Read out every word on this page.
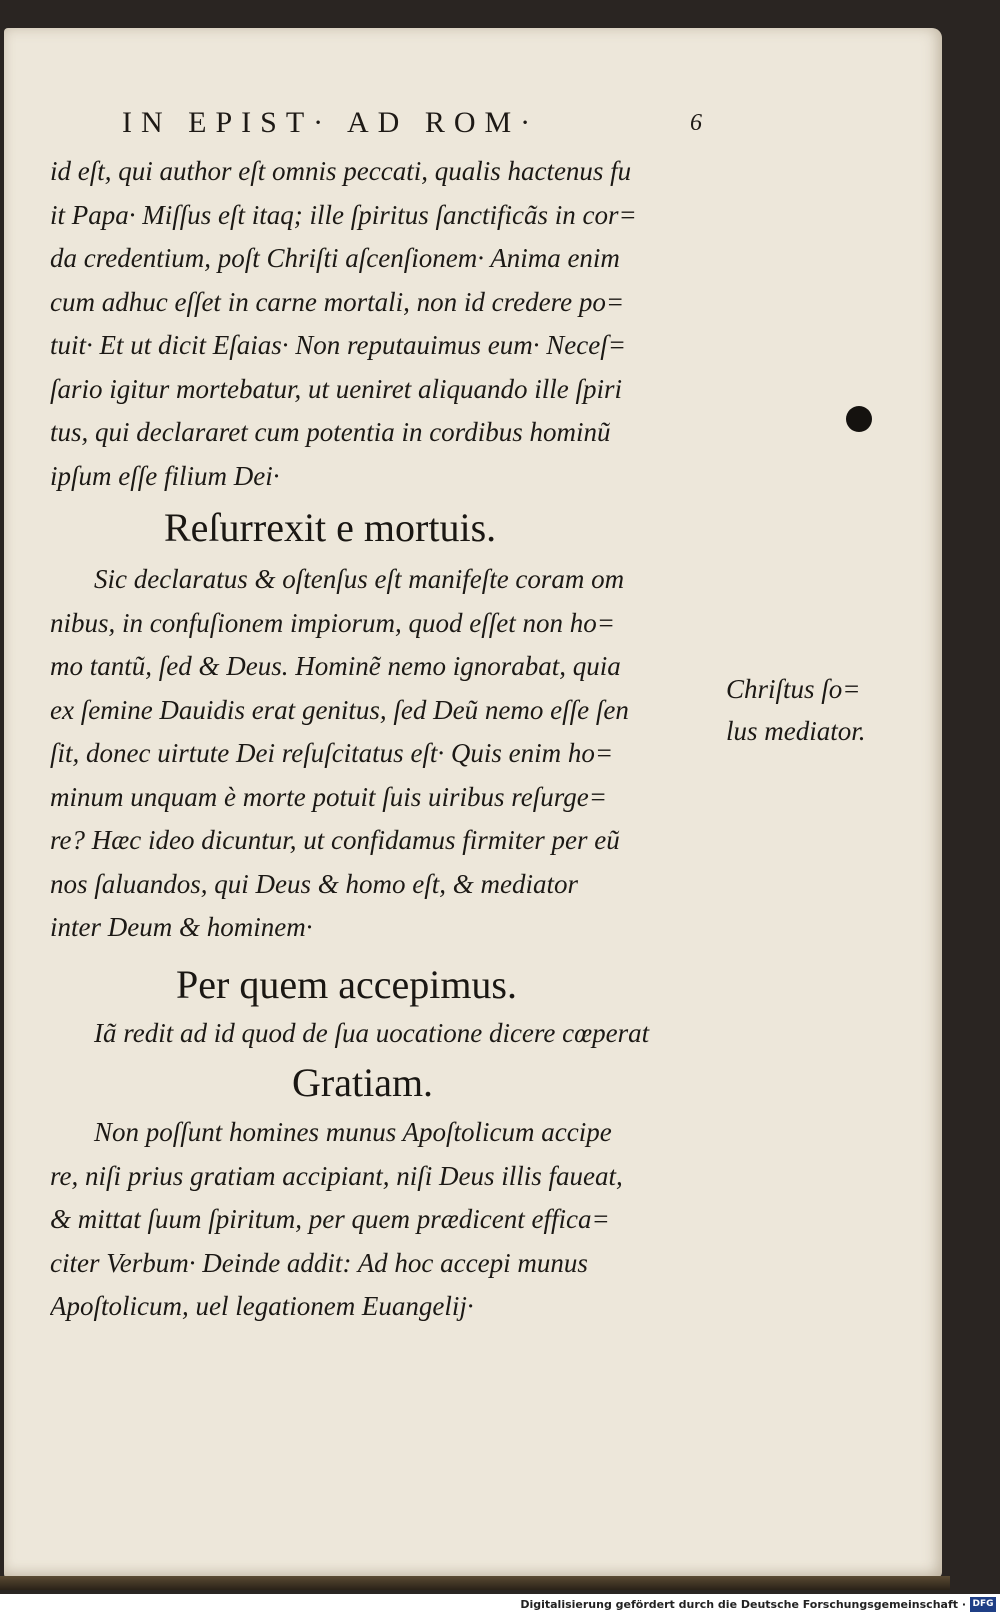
IN EPIST· AD ROM·	6
id eſt, qui author eſt omnis peccati, qualis hactenus fu
it Papa· Miſſus eſt itaq; ille ſpiritus ſanctificãs in cor=
da credentium, poſt Chriſti aſcenſionem· Anima enim
cum adhuc eſſet in carne mortali, non id credere po=
tuit· Et ut dicit Eſaias· Non reputauimus eum· Neceſ=
ſario igitur mortebatur, ut ueniret aliquando ille ſpiri
tus, qui declararet cum potentia in cordibus hominũ
ipſum eſſe filium Dei·
Reſurrexit e mortuis.
Sic declaratus & oſtenſus eſt manifeſte coram om
nibus, in confuſionem impiorum, quod eſſet non ho=
mo tantũ, ſed & Deus. Hominẽ nemo ignorabat, quia
ex ſemine Dauidis erat genitus, ſed Deũ nemo eſſe ſen
ſit, donec uirtute Dei reſuſcitatus eſt· Quis enim ho=
minum unquam è morte potuit ſuis uiribus reſurge=
re? Hæc ideo dicuntur, ut confidamus firmiter per eũ
nos ſaluandos, qui Deus & homo eſt, & mediator
inter Deum & hominem·
Per quem accepimus.
Iã redit ad id quod de ſua uocatione dicere cœperat
Gratiam.
Non poſſunt homines munus Apoſtolicum accipe
re, niſi prius gratiam accipiant, niſi Deus illis faueat,
& mittat ſuum ſpiritum, per quem prædicent effica=
citer Verbum· Deinde addit: Ad hoc accepi munus
Apoſtolicum, uel legationem Euangelij·
Chriſtus ſo=
lus mediator.
Digitalisierung gefördert durch die Deutsche Forschungsgemeinschaft · DFG
